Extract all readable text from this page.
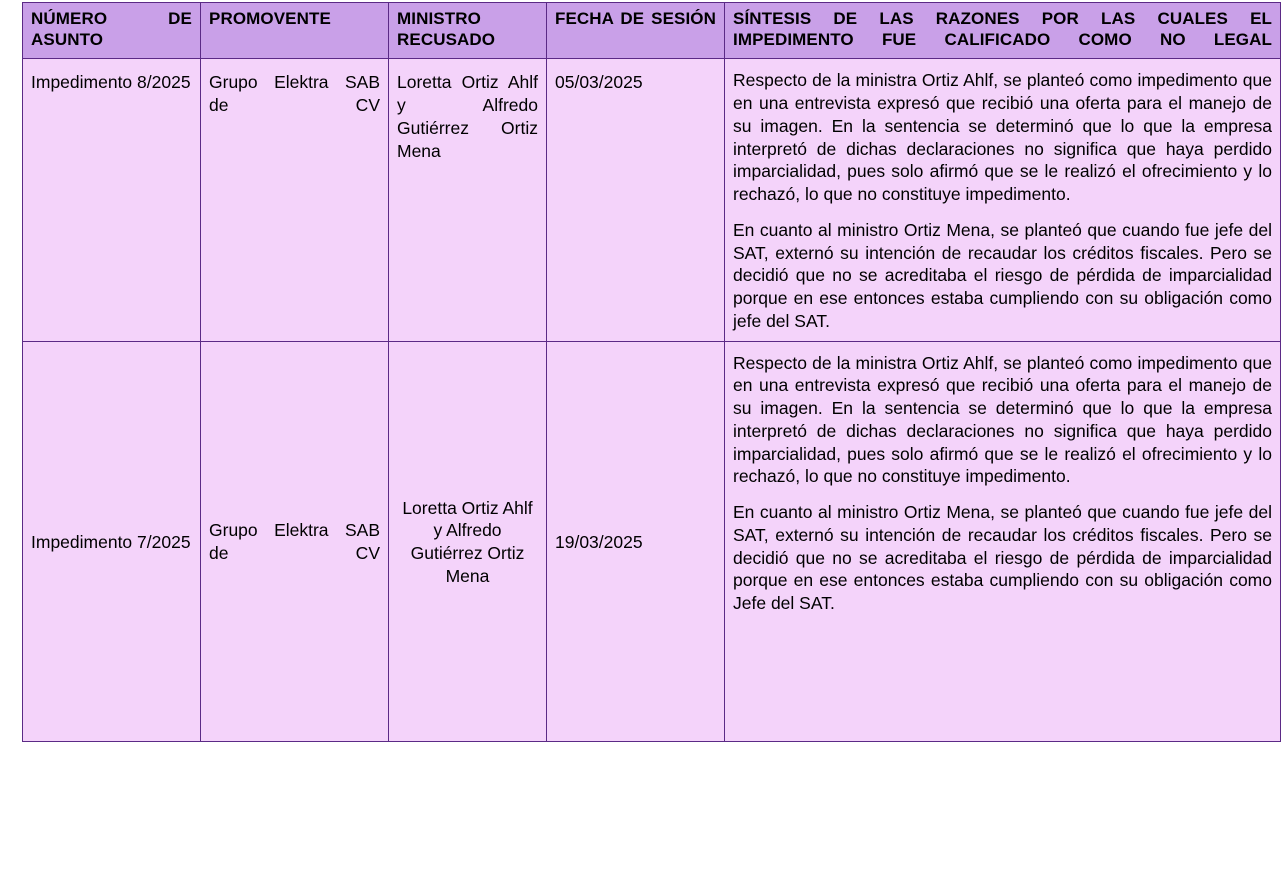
NÚMERO DE ASUNTO	PROMOVENTE	MINISTRO RECUSADO	FECHA DE SESIÓN	SÍNTESIS DE LAS RAZONES POR LAS CUALES EL IMPEDIMENTO FUE CALIFICADO COMO NO LEGAL
Impedimento 8/2025	Grupo Elektra SAB de CV	Loretta Ortiz Ahlf y Alfredo Gutiérrez Ortiz Mena	05/03/2025	Respecto de la ministra Ortiz Ahlf, se planteó como impedimento que en una entrevista expresó que recibió una oferta para el manejo de su imagen. En la sentencia se determinó que lo que la empresa interpretó de dichas declaraciones no significa que haya perdido imparcialidad, pues solo afirmó que se le realizó el ofrecimiento y lo rechazó, lo que no constituye impedimento.

En cuanto al ministro Ortiz Mena, se planteó que cuando fue jefe del SAT, externó su intención de recaudar los créditos fiscales. Pero se decidió que no se acreditaba el riesgo de pérdida de imparcialidad porque en ese entonces estaba cumpliendo con su obligación como jefe del SAT.

Impedimento 7/2025	Grupo Elektra SAB de CV	Loretta Ortiz Ahlf y Alfredo Gutiérrez Ortiz Mena	19/03/2025	Respecto de la ministra Ortiz Ahlf, se planteó como impedimento que en una entrevista expresó que recibió una oferta para el manejo de su imagen. En la sentencia se determinó que lo que la empresa interpretó de dichas declaraciones no significa que haya perdido imparcialidad, pues solo afirmó que se le realizó el ofrecimiento y lo rechazó, lo que no constituye impedimento.

En cuanto al ministro Ortiz Mena, se planteó que cuando fue jefe del SAT, externó su intención de recaudar los créditos fiscales. Pero se decidió que no se acreditaba el riesgo de pérdida de imparcialidad porque en ese entonces estaba cumpliendo con su obligación como Jefe del SAT.
